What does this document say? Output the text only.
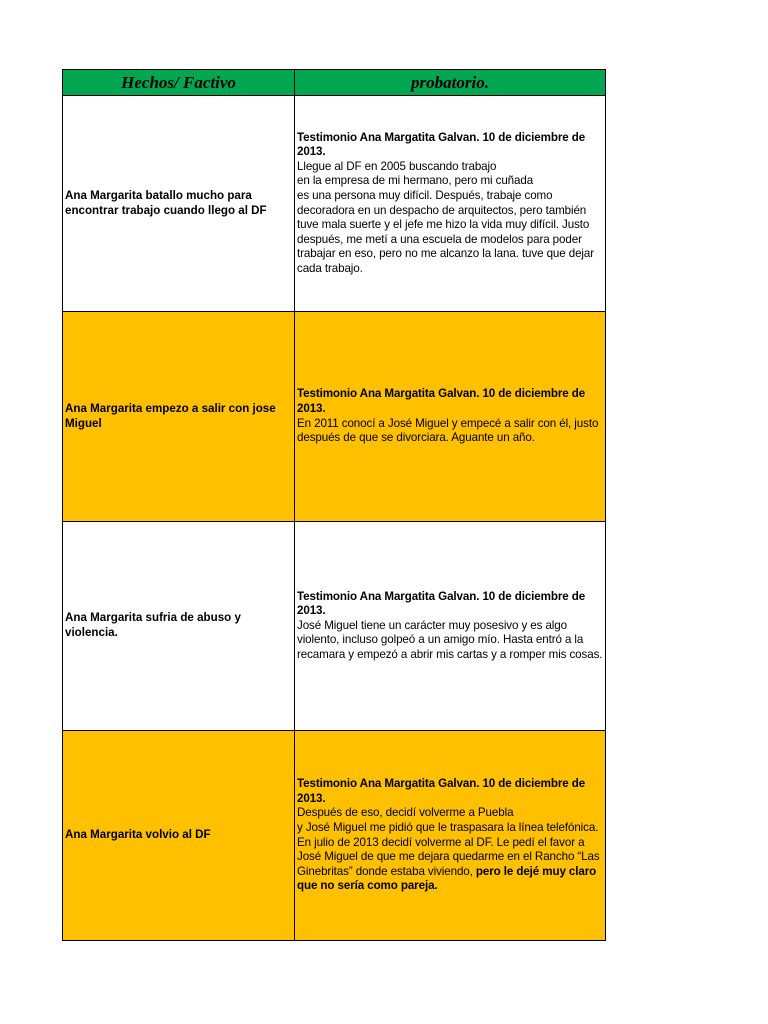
Hechos/ Factivo	probatorio.
Ana Margarita batallo mucho para encontrar trabajo cuando llego al DF	Testimonio Ana Margatita Galvan. 10 de diciembre de 2013.
Llegue al DF en 2005 buscando trabajo
en la empresa de mi hermano, pero mi cuñada
es una persona muy difícil. Después, trabaje como decoradora en un despacho de arquitectos, pero también tuve mala suerte y el jefe me hizo la vida muy difícil. Justo después, me metí a una escuela de modelos para poder trabajar en eso, pero no me alcanzo la lana. tuve que dejar cada trabajo.

Ana Margarita empezo a salir con jose Miguel	Testimonio Ana Margatita Galvan. 10 de diciembre de 2013.
En 2011 conocí a José Miguel y empecé a salir con él, justo después de que se divorciara. Aguante un año.

Ana Margarita sufria de abuso y violencia.	Testimonio Ana Margatita Galvan. 10 de diciembre de 2013.
José Miguel tiene un carácter muy posesivo y es algo violento, incluso golpeó a un amigo mío. Hasta entró a la recamara y empezó a abrir mis cartas y a romper mis cosas.

Ana Margarita volvio al DF	Testimonio Ana Margatita Galvan. 10 de diciembre de 2013.
Después de eso, decidí volverme a Puebla
y José Miguel me pidió que le traspasara la línea telefónica. En julio de 2013 decidí volverme al DF. Le pedí el favor a José Miguel de que me dejara quedarme en el Rancho “Las Ginebritas” donde estaba viviendo, pero le dejé muy claro que no sería como pareja.
